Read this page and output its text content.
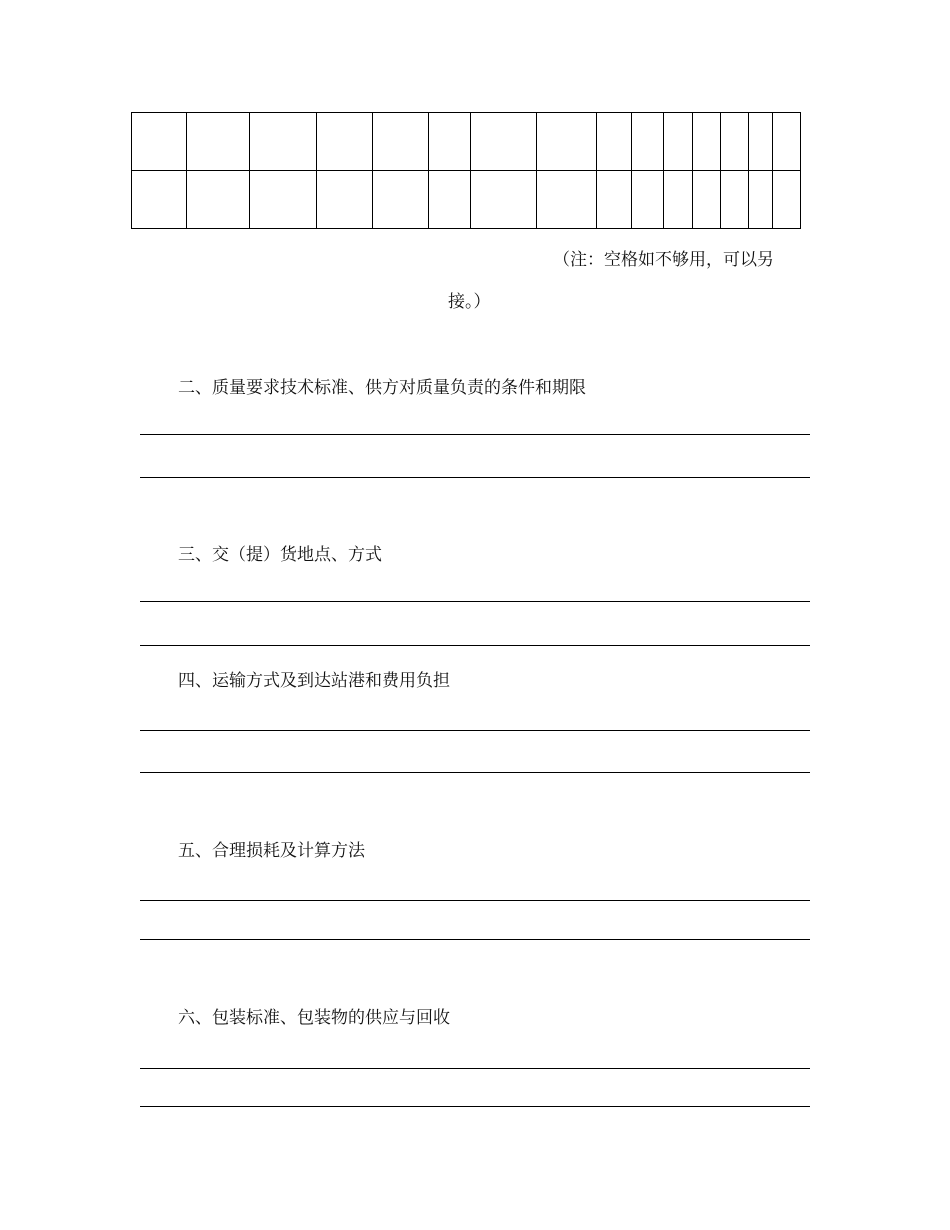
（注：空格如不够用，可以另
接。）
二、质量要求技术标准、供方对质量负责的条件和期限
三、交（提）货地点、方式
四、运输方式及到达站港和费用负担
五、合理损耗及计算方法
六、包装标准、包装物的供应与回收
